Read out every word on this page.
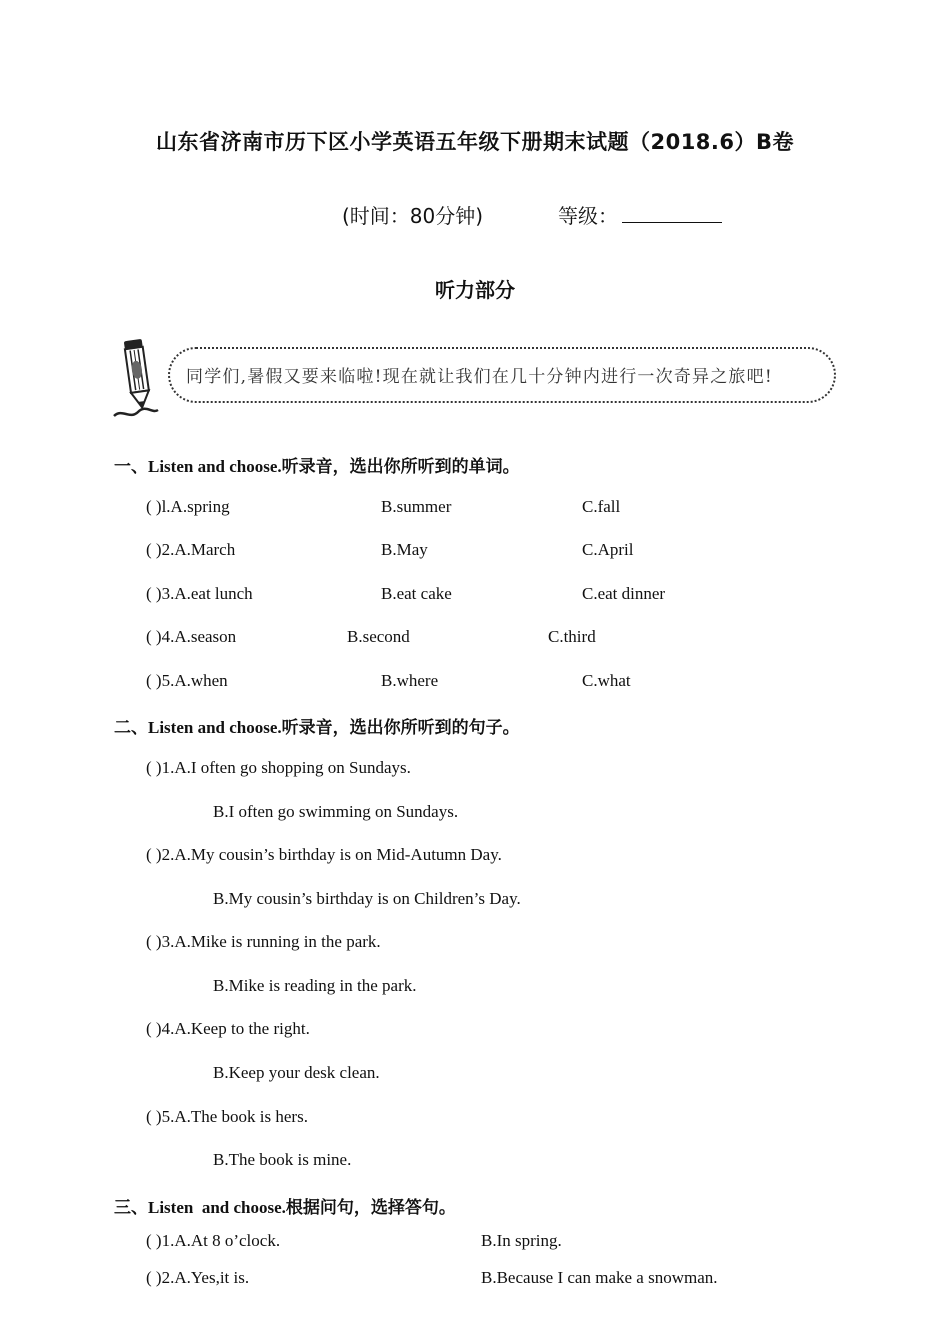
山东省济南市历下区小学英语五年级下册期末试题（2018.6）B卷
(时间：80分钟)	等级：
听力部分
同学们,暑假又要来临啦!现在就让我们在几十分钟内进行一次奇异之旅吧!
一、Listen and choose.听录音，选出你所听到的单词。
( )l.A.spring	B.summer	C.fall
( )2.A.March	B.May	C.April
( )3.A.eat lunch	B.eat cake	C.eat dinner
( )4.A.season	B.second	C.third
( )5.A.when	B.where	C.what
二、Listen and choose.听录音，选出你所听到的句子。
( )1.A.I often go shopping on Sundays.
B.I often go swimming on Sundays.
( )2.A.My cousin’s birthday is on Mid-Autumn Day.
B.My cousin’s birthday is on Children’s Day.
( )3.A.Mike is running in the park.
B.Mike is reading in the park.
( )4.A.Keep to the right.
B.Keep your desk clean.
( )5.A.The book is hers.
B.The book is mine.
三、Listen  and choose.根据问句，选择答句。
( )1.A.At 8 o’clock.	B.In spring.
( )2.A.Yes,it is.	B.Because I can make a snowman.
